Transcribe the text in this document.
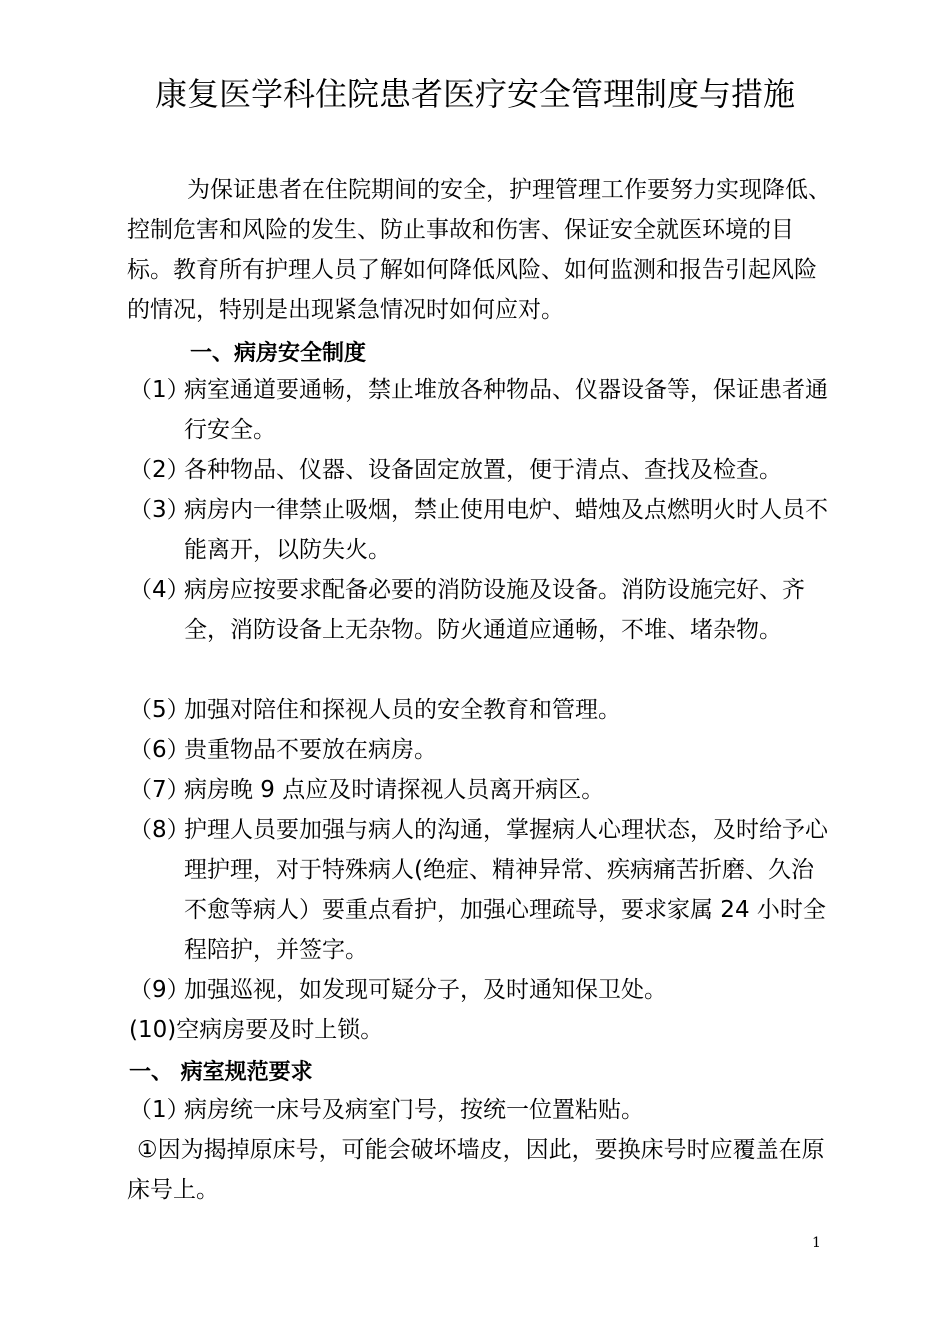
康复医学科住院患者医疗安全管理制度与措施

为保证患者在住院期间的安全，护理管理工作要努力实现降低、控制危害和风险的发生、防止事故和伤害、保证安全就医环境的目标。教育所有护理人员了解如何降低风险、如何监测和报告引起风险的情况，特别是出现紧急情况时如何应对。

一、病房安全制度
（1）
病室通道要通畅，禁止堆放各种物品、仪器设备等，保证患者通行安全。
（2）
各种物品、仪器、设备固定放置，便于清点、查找及检查。
（3）
病房内一律禁止吸烟，禁止使用电炉、蜡烛及点燃明火时人员不能离开，以防失火。
（4）
病房应按要求配备必要的消防设施及设备。消防设施完好、齐全，消防设备上无杂物。防火通道应通畅，不堆、堵杂物。
（5）
加强对陪住和探视人员的安全教育和管理。
（6）
贵重物品不要放在病房。
（7）
病房晚 9 点应及时请探视人员离开病区。
（8）
护理人员要加强与病人的沟通，掌握病人心理状态，及时给予心理护理，对于特殊病人(绝症、精神异常、疾病痛苦折磨、久治不愈等病人）要重点看护，加强心理疏导，要求家属 24 小时全程陪护，并签字。
（9）
加强巡视，如发现可疑分子，及时通知保卫处。
(10)空病房要及时上锁。
一、 病室规范要求
（1）
病房统一床号及病室门号，按统一位置粘贴。

①因为揭掉原床号，可能会破坏墙皮，因此，要换床号时应覆盖在原床号上。

1
